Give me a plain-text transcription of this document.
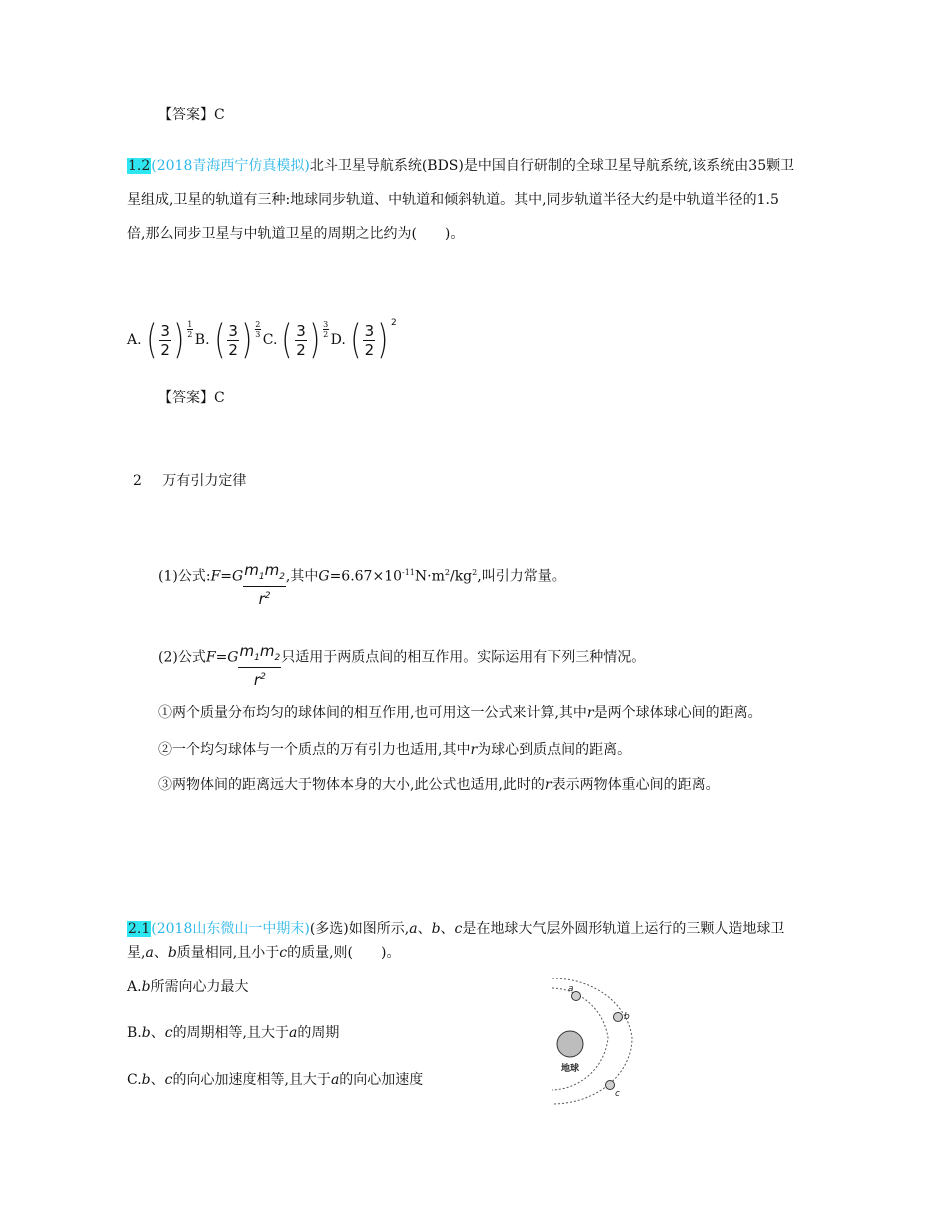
【答案】C
1.2(2018青海西宁仿真模拟)北斗卫星导航系统(BDS)是中国自行研制的全球卫星导航系统,该系统由35颗卫
星组成,卫星的轨道有三种:地球同步轨道、中轨道和倾斜轨道。其中,同步轨道半径大约是中轨道半径的1.5
倍,那么同步卫星与中轨道卫星的周期之比约为(　　)。
A. ( 3
2 ) 1
2 B. ( 3
2 ) 2
3 C. ( 3
2 ) 3
2 D. ( 3
2 ) 2
【答案】C
2 万有引力定律
(1)公式:F=G $\frac{m_1m_2}{r^2}$ ,其中$G=6.67\times 10^{-11}N\cdot m^2/kg^2$,叫引力常量。
(2)公式$F=G \frac{m_1m_2}{r^2}$ 只适用于两质点间的相互作用。实际运用有下列三种情况。
①两个质量分布均匀的球体间的相互作用,也可用这一公式来计算,其中r是两个球体球心间的距离。
②一个均匀球体与一个质点的万有引力也适用,其中r为球心到质点间的距离。
③两物体间的距离远大于物体本身的大小,此公式也适用,此时的r表示两物体重心间的距离。
2.1(2018山东微山一中期末)(多选)如图所示,a、b、c是在地球大气层外圆形轨道上运行的三颗人造地球卫
星,a、b质量相同,且小于c的质量,则(　　)。
A.b所需向心力最大
B.b、c的周期相等,且大于a的周期
C.b、c的向心加速度相等,且大于a的向心加速度
地球
a
b
c
